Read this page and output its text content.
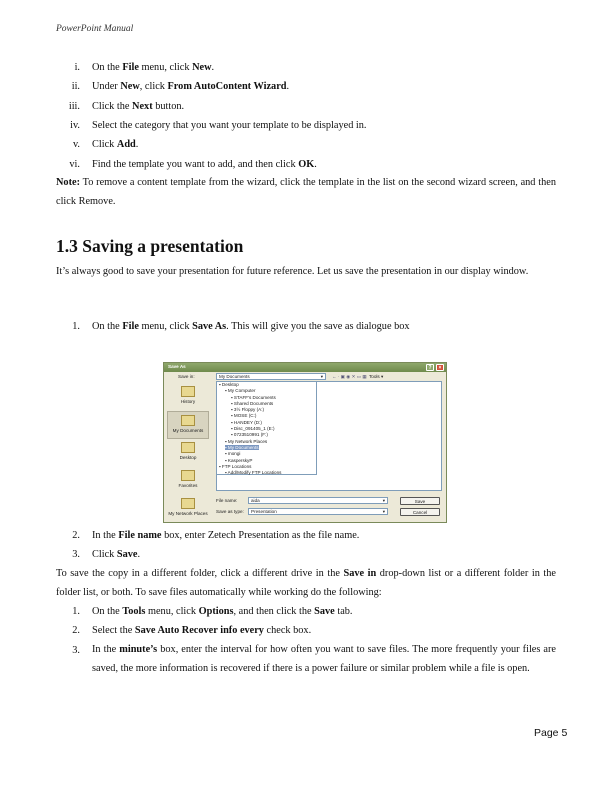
PowerPoint Manual
i. On the File menu, click New.
ii. Under New, click From AutoContent Wizard.
iii. Click the Next button.
iv. Select the category that you want your template to be displayed in.
v. Click Add.
vi. Find the template you want to add, and then click OK.
Note: To remove a content template from the wizard, click the template in the list on the second wizard screen, and then click Remove.
1.3 Saving a presentation
It’s always good to save your presentation for future reference. Let us save the presentation in our display window.
1. On the File menu, click Save As. This will give you the save as dialogue box
Save As	?	×
Save in:	My Documents	▾ ← · ▣ ◉ ✕ ▭ ▦ Tools ▾
History
My Documents
Desktop
Favorites
My Network Places
▪ Desktop
▪ My Computer
▪ STAFF's Documents
▪ Shared Documents
▪ 3½ Floppy (A:)
▪ MOSE (C:)
▪ HANDEY (D:)
▪ Disc_091405_1 (E:)
▪ 0723510991 (F:)
▪ My Network Places
▪ My Documents
▪ mongi
▪ KasperskyP
▪ FTP Locations
▪ Add/Modify FTP Locations
File name:	aida	▾
Save as type:	Presentation	▾
Save
Cancel
2. In the File name box, enter Zetech Presentation as the file name.
3. Click Save.
To save the copy in a different folder, click a different drive in the Save in drop-down list or a different folder in the folder list, or both. To save files automatically while working do the following:
1. On the Tools menu, click Options, and then click the Save tab.
2. Select the Save Auto Recover info every check box.
3. In the minute’s box, enter the interval for how often you want to save files. The more frequently your files are saved, the more information is recovered if there is a power failure or similar problem while a file is open.
Page 5
